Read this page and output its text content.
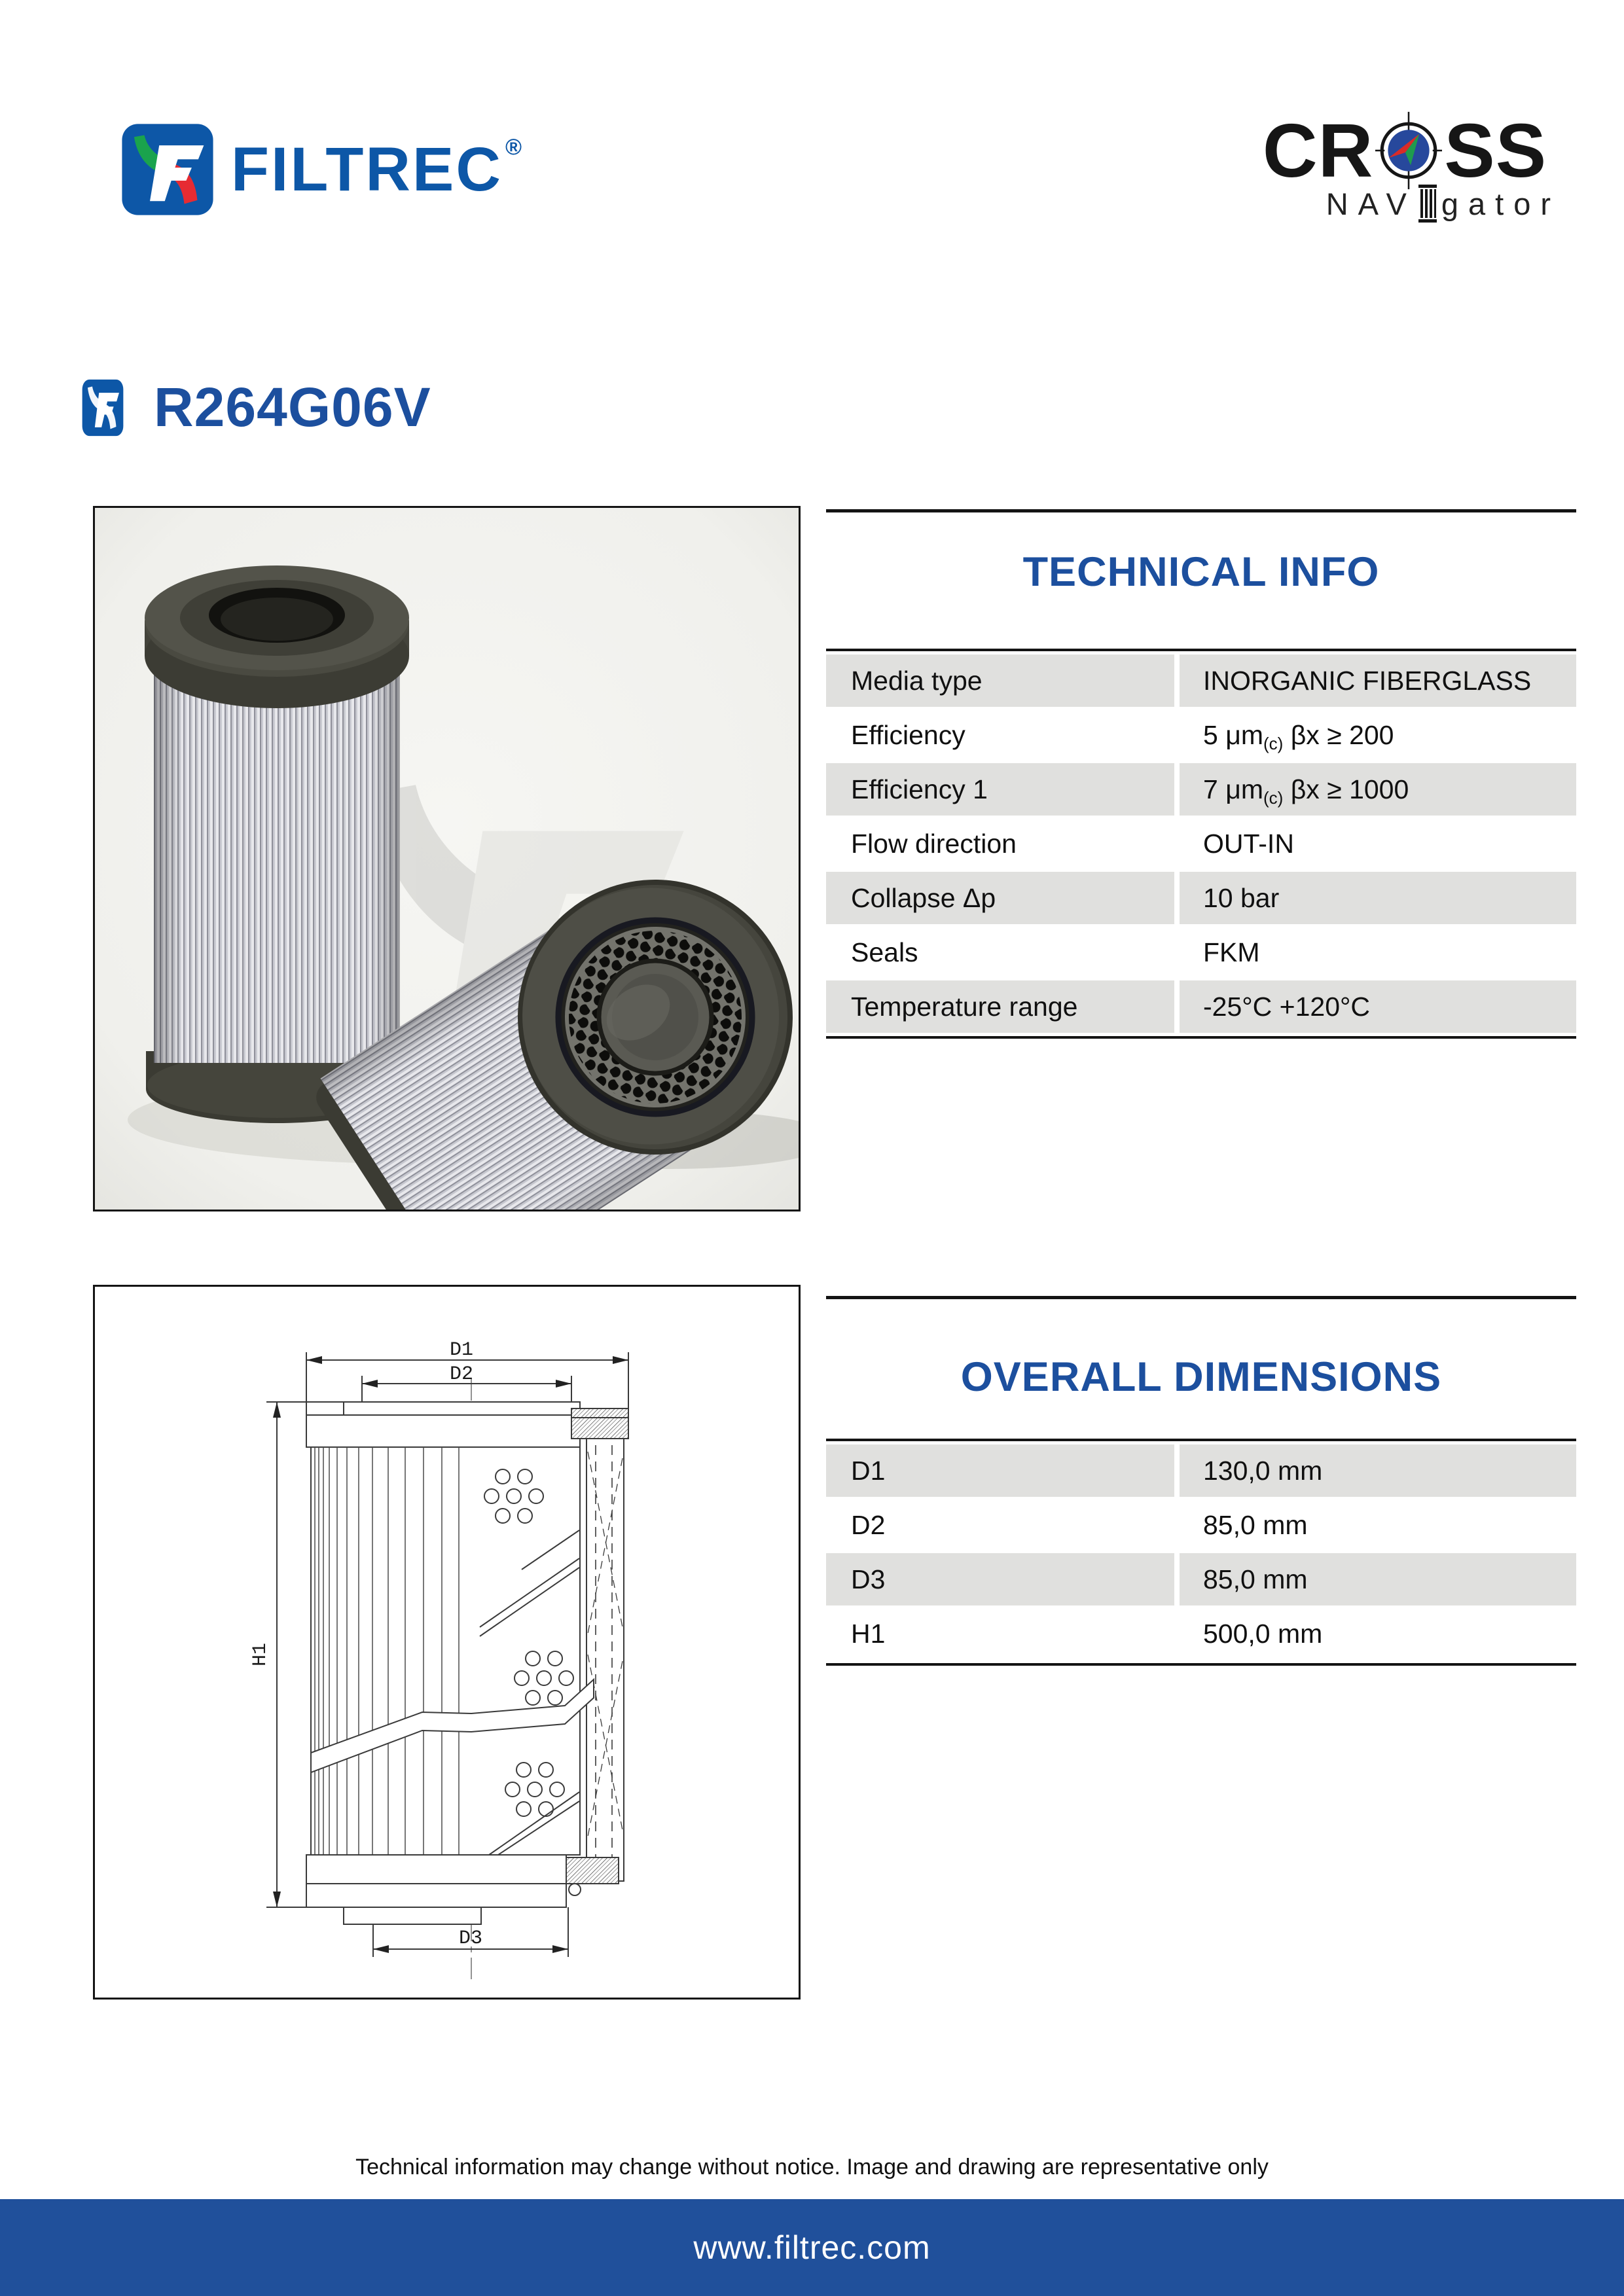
FILTREC ®	CR SS
NAV gator
R264G06V
TECHNICAL INFO
Media type	INORGANIC FIBERGLASS
Efficiency	5 μm (c) βx ≥ 200
Efficiency 1	7 μm (c) βx ≥ 1000
Flow direction	OUT-IN
Collapse Δp	10 bar
Seals	FKM
Temperature range	-25°C +120°C
D1
D2
H1
D3
OVERALL DIMENSIONS
D1	130,0 mm
D2	85,0 mm
D3	85,0 mm
H1	500,0 mm
Technical information may change without notice. Image and drawing are representative only
www.filtrec.com
